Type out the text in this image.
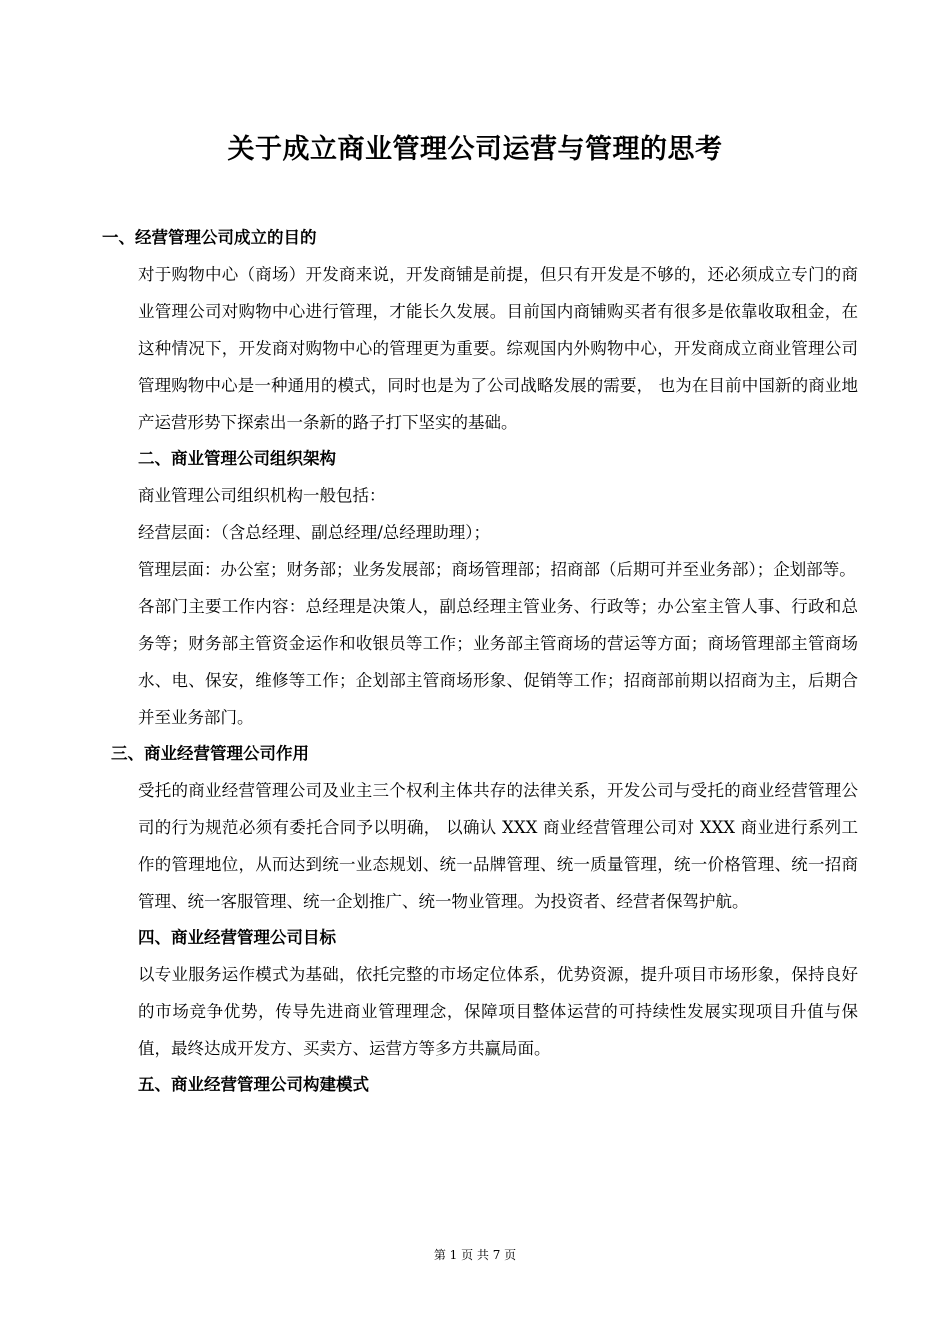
关于成立商业管理公司运营与管理的思考
一、经营管理公司成立的目的

对于购物中心（商场）开发商来说，开发商铺是前提，但只有开发是不够的，还必须成立专门的商业管理公司对购物中心进行管理，才能长久发展。目前国内商铺购买者有很多是依靠收取租金，在这种情况下，开发商对购物中心的管理更为重要。综观国内外购物中心，开发商成立商业管理公司管理购物中心是一种通用的模式，同时也是为了公司战略发展的需要， 也为在目前中国新的商业地产运营形势下探索出一条新的路子打下坚实的基础。

二、商业管理公司组织架构
商业管理公司组织机构一般包括：
经营层面：（含总经理、副总经理/总经理助理）；

管理层面：办公室；财务部；业务发展部；商场管理部；招商部（后期可并至业务部）；企划部等。

各部门主要工作内容：总经理是决策人，副总经理主管业务、行政等；办公室主管人事、行政和总务等；财务部主管资金运作和收银员等工作；业务部主管商场的营运等方面；商场管理部主管商场水、电、保安，维修等工作；企划部主管商场形象、促销等工作；招商部前期以招商为主，后期合并至业务部门。

三、商业经营管理公司作用

受托的商业经营管理公司及业主三个权利主体共存的法律关系，开发公司与受托的商业经营管理公司的行为规范必须有委托合同予以明确， 以确认 XXX 商业经营管理公司对 XXX 商业进行系列工作的管理地位，从而达到统一业态规划、统一品牌管理、统一质量管理，统一价格管理、统一招商管理、统一客服管理、统一企划推广、统一物业管理。为投资者、经营者保驾护航。

四、商业经营管理公司目标

以专业服务运作模式为基础，依托完整的市场定位体系，优势资源，提升项目市场形象，保持良好的市场竞争优势，传导先进商业管理理念，保障项目整体运营的可持续性发展实现项目升值与保值，最终达成开发方、买卖方、运营方等多方共赢局面。

五、商业经营管理公司构建模式
第 1 页 共 7 页
